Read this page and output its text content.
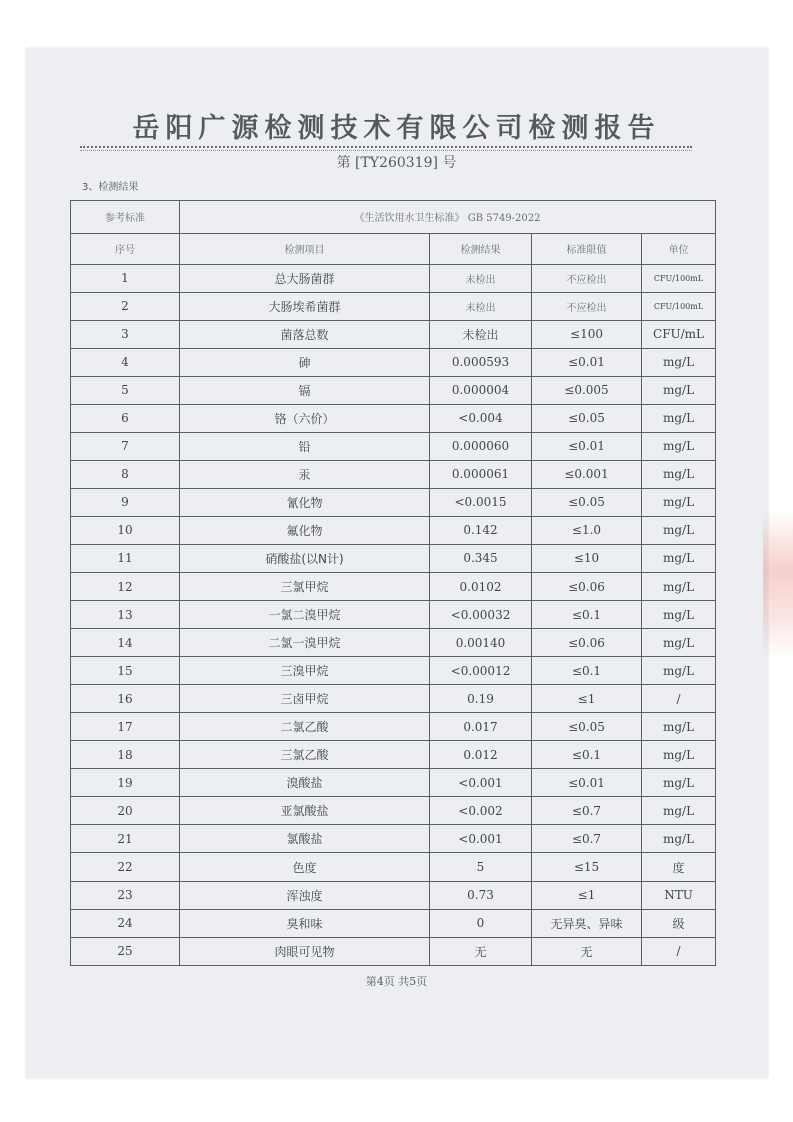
岳阳广源检测技术有限公司检测报告
第 [TY260319] 号
3、检测结果
参考标准	《生活饮用水卫生标准》 GB 5749-2022			
序号	检测项目	检测结果	标准限值	单位
1	总大肠菌群	未检出	不应检出	CFU/100mL
2	大肠埃希菌群	未检出	不应检出	CFU/100mL
3	菌落总数	未检出	≤100	CFU/mL
4	砷	0.000593	≤0.01	mg/L
5	镉	0.000004	≤0.005	mg/L
6	铬（六价）	<0.004	≤0.05	mg/L
7	铅	0.000060	≤0.01	mg/L
8	汞	0.000061	≤0.001	mg/L
9	氰化物	<0.0015	≤0.05	mg/L
10	氟化物	0.142	≤1.0	mg/L
11	硝酸盐(以N计)	0.345	≤10	mg/L
12	三氯甲烷	0.0102	≤0.06	mg/L
13	一氯二溴甲烷	<0.00032	≤0.1	mg/L
14	二氯一溴甲烷	0.00140	≤0.06	mg/L
15	三溴甲烷	<0.00012	≤0.1	mg/L
16	三卤甲烷	0.19	≤1	/
17	二氯乙酸	0.017	≤0.05	mg/L
18	三氯乙酸	0.012	≤0.1	mg/L
19	溴酸盐	<0.001	≤0.01	mg/L
20	亚氯酸盐	<0.002	≤0.7	mg/L
21	氯酸盐	<0.001	≤0.7	mg/L
22	色度	5	≤15	度
23	浑浊度	0.73	≤1	NTU
24	臭和味	0	无异臭、异味	级
25	肉眼可见物	无	无	/
第4页 共5页
